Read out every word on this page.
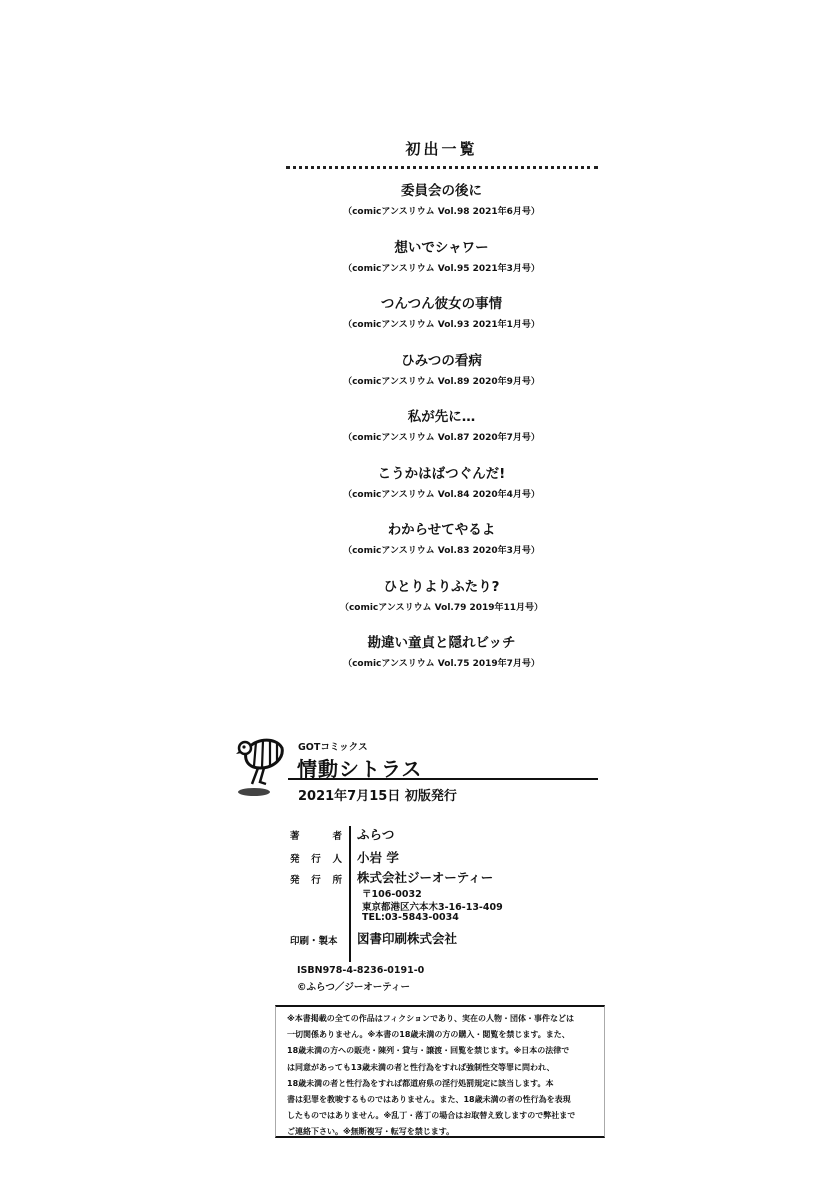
初出一覧
委員会の後に
（comicアンスリウム Vol.98 2021年6月号）
想いでシャワー
（comicアンスリウム Vol.95 2021年3月号）
つんつん彼女の事情
（comicアンスリウム Vol.93 2021年1月号）
ひみつの看病
（comicアンスリウム Vol.89 2020年9月号）
私が先に…
（comicアンスリウム Vol.87 2020年7月号）
こうかはばつぐんだ!
（comicアンスリウム Vol.84 2020年4月号）
わからせてやるよ
（comicアンスリウム Vol.83 2020年3月号）
ひとりよりふたり?
（comicアンスリウム Vol.79 2019年11月号）
勘違い童貞と隠れビッチ
（comicアンスリウム Vol.75 2019年7月号）
GOTコミックス
情動シトラス
2021年7月15日 初版発行
著	者 ふらつ
発 行 人 小岩 学
発 行 所 株式会社ジーオーティー
〒106-0032
東京都港区六本木3-16-13-409
TEL:03-5843-0034
印刷・製本 図書印刷株式会社
ISBN978-4-8236-0191-0
©ふらつ／ジーオーティー
※本書掲載の全ての作品はフィクションであり、実在の人物・団体・事件などは
一切関係ありません。※本書の18歳未満の方の購入・閲覧を禁じます。また、
18歳未満の方への販売・陳列・貸与・譲渡・回覧を禁じます。※日本の法律で
は同意があっても13歳未満の者と性行為をすれば強制性交等罪に問われ、
18歳未満の者と性行為をすれば都道府県の淫行処罰規定に該当します。本
書は犯罪を教唆するものではありません。また、18歳未満の者の性行為を表現
したものではありません。※乱丁・落丁の場合はお取替え致しますので弊社まで
ご連絡下さい。※無断複写・転写を禁じます。
